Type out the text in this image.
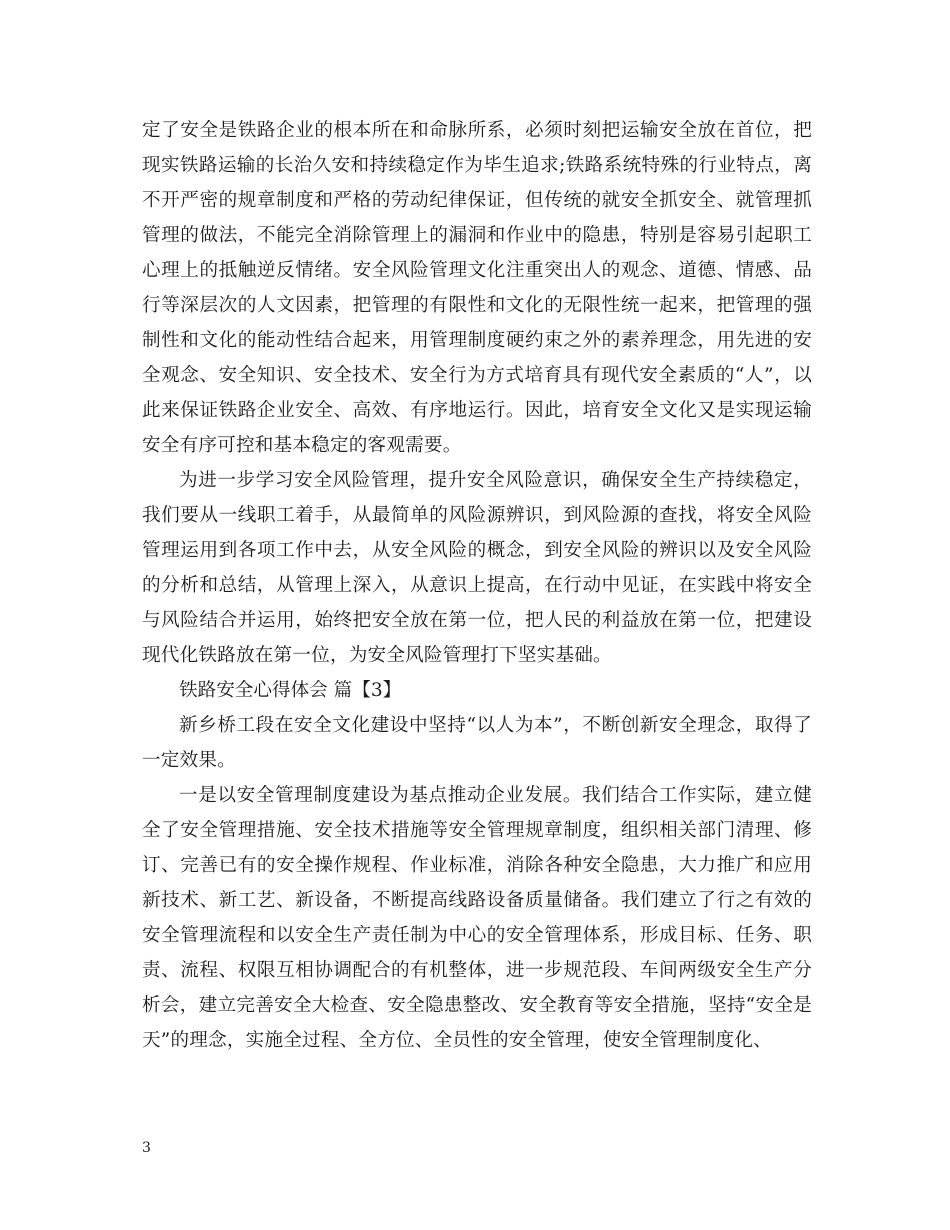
定了安全是铁路企业的根本所在和命脉所系，必须时刻把运输安全放在首位，把现实铁路运输的长治久安和持续稳定作为毕生追求;铁路系统特殊的行业特点，离不开严密的规章制度和严格的劳动纪律保证，但传统的就安全抓安全、就管理抓管理的做法，不能完全消除管理上的漏洞和作业中的隐患，特别是容易引起职工心理上的抵触逆反情绪。安全风险管理文化注重突出人的观念、道德、情感、品行等深层次的人文因素，把管理的有限性和文化的无限性统一起来，把管理的强制性和文化的能动性结合起来，用管理制度硬约束之外的素养理念，用先进的安全观念、安全知识、安全技术、安全行为方式培育具有现代安全素质的“人”，以此来保证铁路企业安全、高效、有序地运行。因此，培育安全文化又是实现运输安全有序可控和基本稳定的客观需要。

为进一步学习安全风险管理，提升安全风险意识，确保安全生产持续稳定，我们要从一线职工着手，从最简单的风险源辨识，到风险源的查找，将安全风险管理运用到各项工作中去，从安全风险的概念，到安全风险的辨识以及安全风险的分析和总结，从管理上深入，从意识上提高，在行动中见证，在实践中将安全与风险结合并运用，始终把安全放在第一位，把人民的利益放在第一位，把建设现代化铁路放在第一位，为安全风险管理打下坚实基础。

铁路安全心得体会 篇【3】

新乡桥工段在安全文化建设中坚持“以人为本”，不断创新安全理念，取得了一定效果。

一是以安全管理制度建设为基点推动企业发展。我们结合工作实际，建立健全了安全管理措施、安全技术措施等安全管理规章制度，组织相关部门清理、修订、完善已有的安全操作规程、作业标准，消除各种安全隐患，大力推广和应用新技术、新工艺、新设备，不断提高线路设备质量储备。我们建立了行之有效的安全管理流程和以安全生产责任制为中心的安全管理体系，形成目标、任务、职责、流程、权限互相协调配合的有机整体，进一步规范段、车间两级安全生产分析会，建立完善安全大检查、安全隐患整改、安全教育等安全措施，坚持“安全是天”的理念，实施全过程、全方位、全员性的安全管理，使安全管理制度化、

3
